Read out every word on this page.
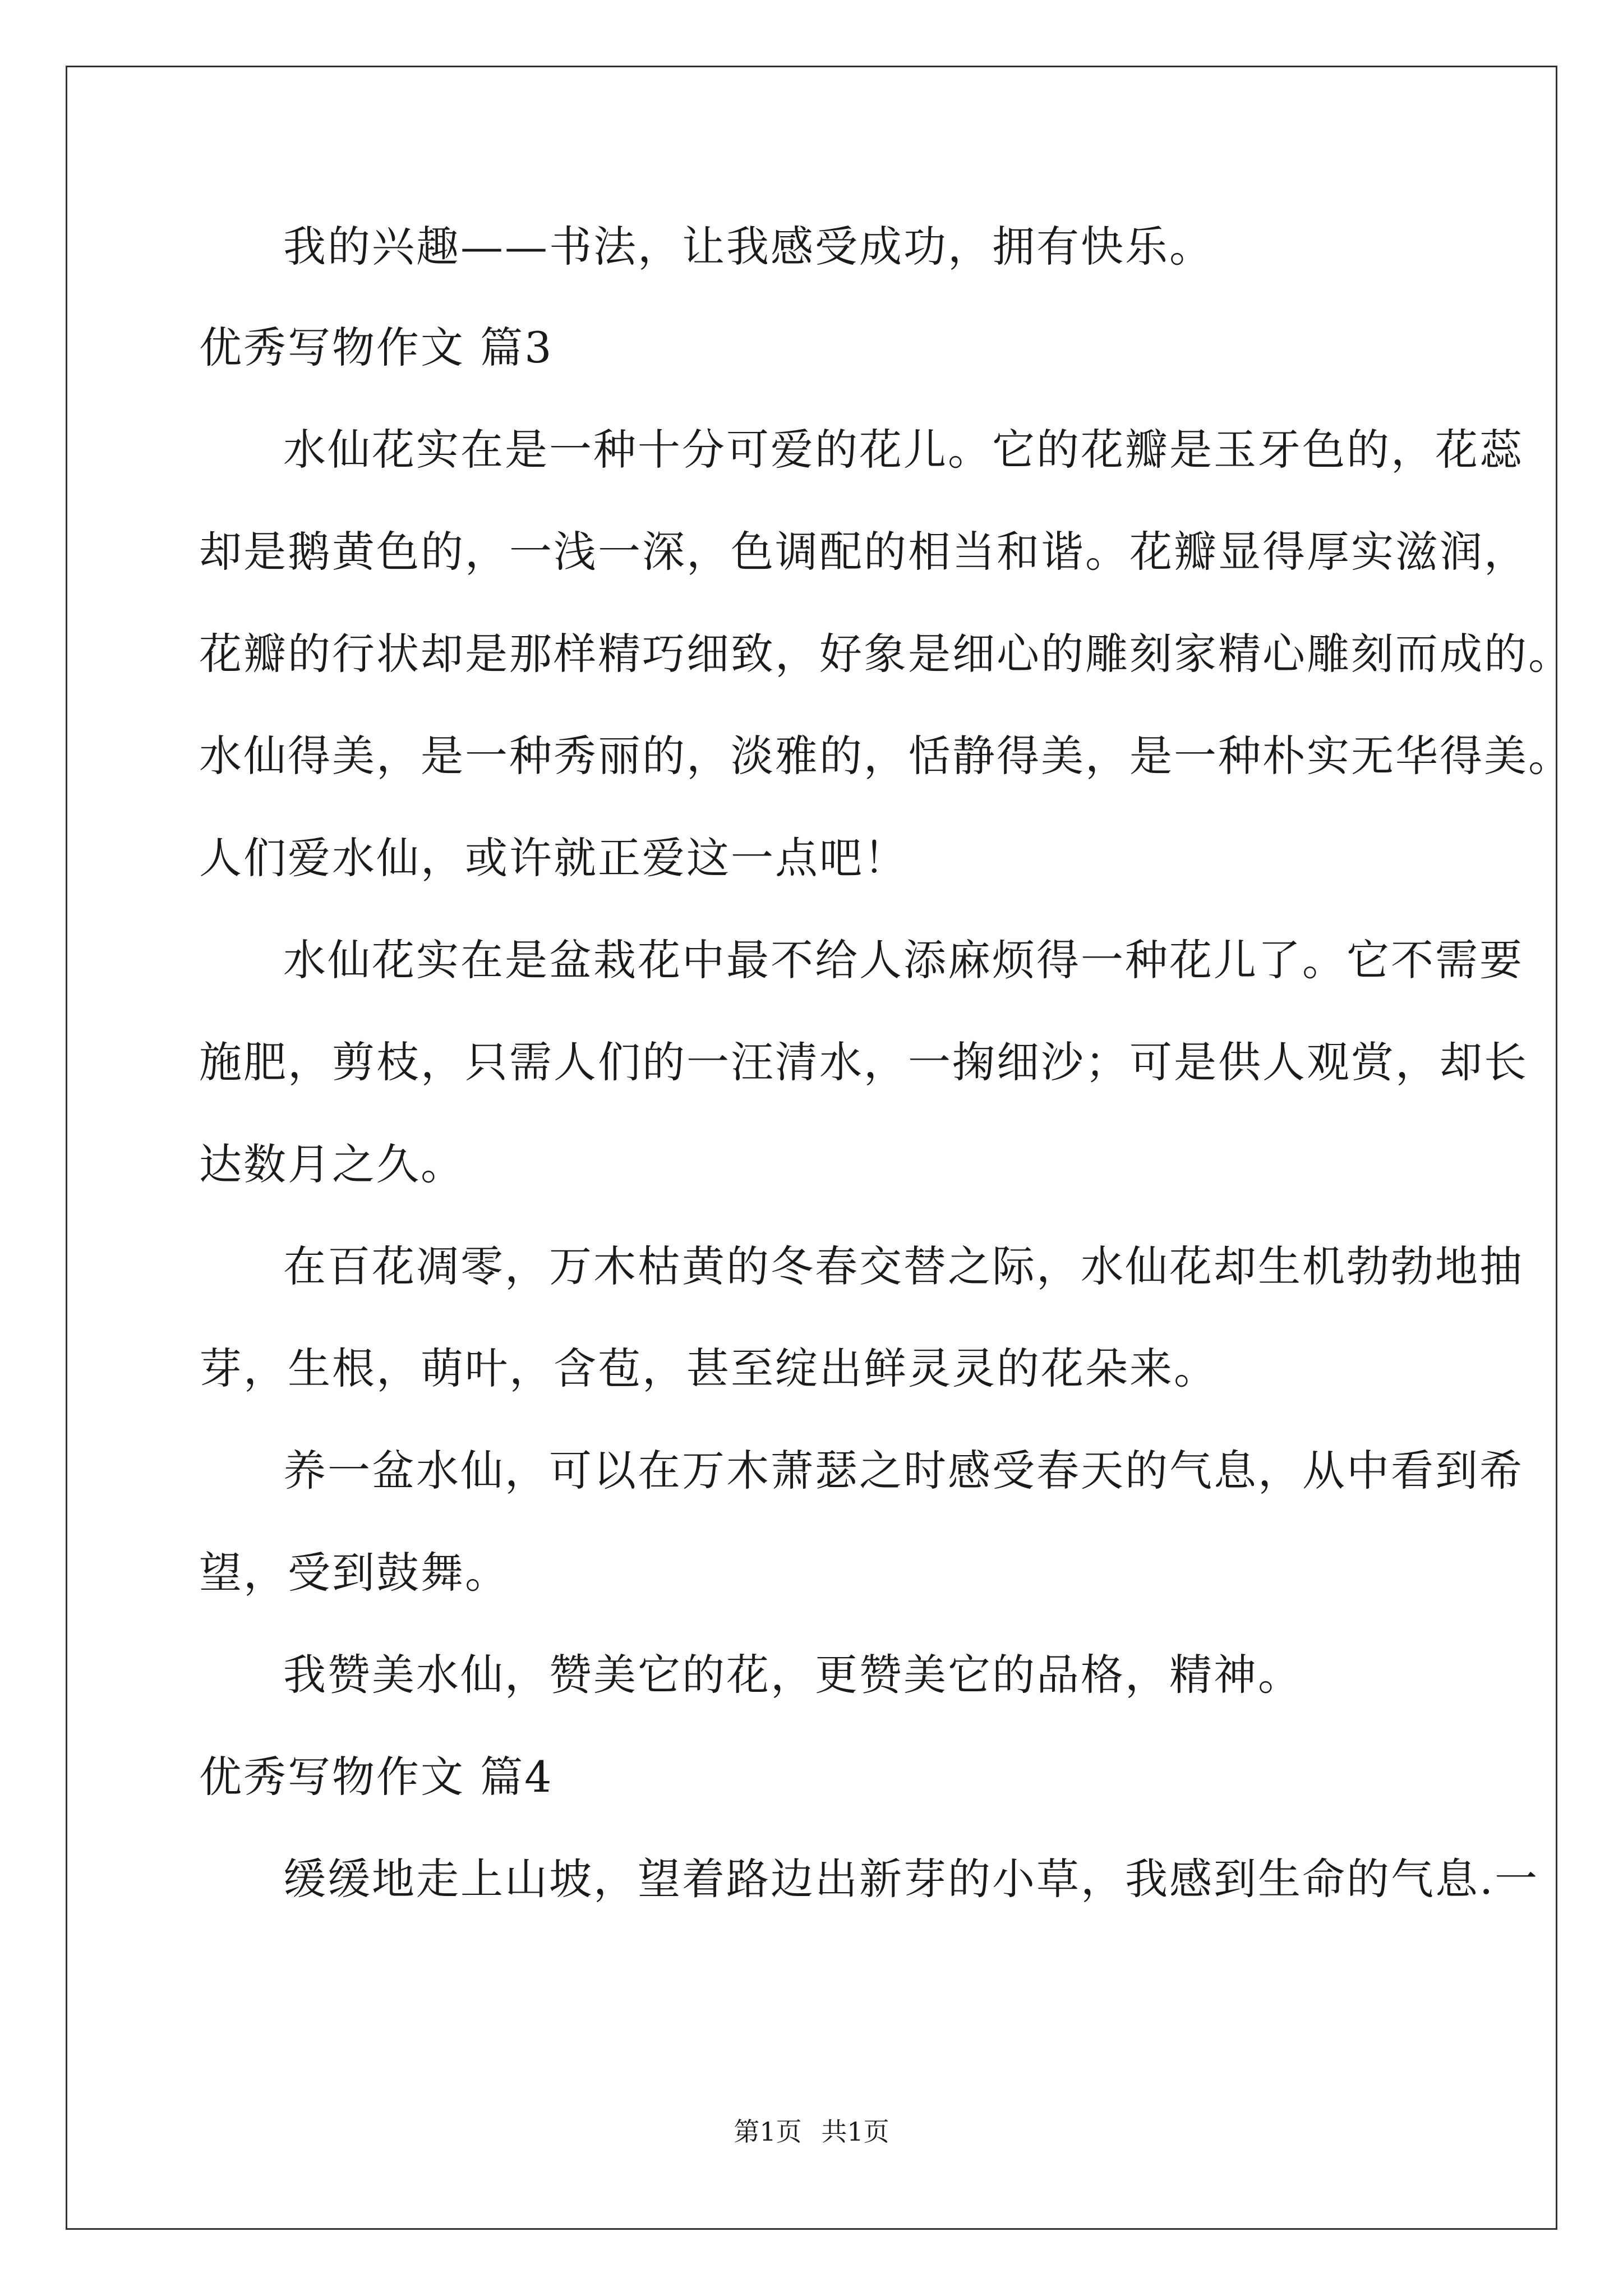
我的兴趣——书法，让我感受成功，拥有快乐。
优秀写物作文 篇3
水仙花实在是一种十分可爱的花儿。它的花瓣是玉牙色的，花蕊
却是鹅黄色的，一浅一深，色调配的相当和谐。花瓣显得厚实滋润，
花瓣的行状却是那样精巧细致，好象是细心的雕刻家精心雕刻而成的。
水仙得美，是一种秀丽的，淡雅的，恬静得美，是一种朴实无华得美。
人们爱水仙，或许就正爱这一点吧！
水仙花实在是盆栽花中最不给人添麻烦得一种花儿了。它不需要
施肥，剪枝，只需人们的一汪清水，一掬细沙；可是供人观赏，却长
达数月之久。
在百花凋零，万木枯黄的冬春交替之际，水仙花却生机勃勃地抽
芽，生根，萌叶，含苞，甚至绽出鲜灵灵的花朵来。
养一盆水仙，可以在万木萧瑟之时感受春天的气息，从中看到希
望，受到鼓舞。
我赞美水仙，赞美它的花，更赞美它的品格，精神。
优秀写物作文 篇4
缓缓地走上山坡，望着路边出新芽的小草，我感到生命的气息.一
第1页 共1页
